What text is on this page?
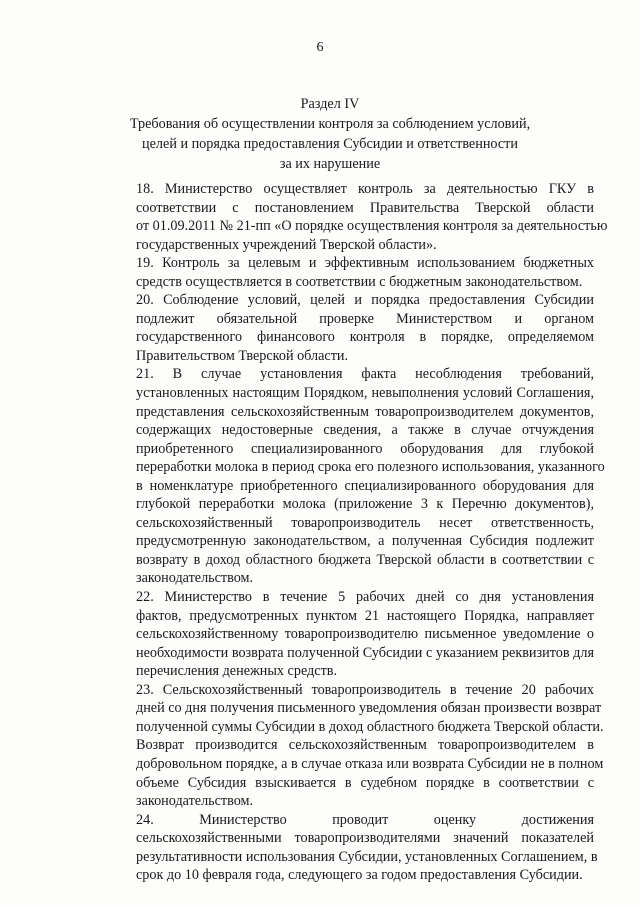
6
Раздел IV
Требования об осуществлении контроля за соблюдением условий,
целей и порядка предоставления Субсидии и ответственности
за их нарушение
18. Министерство осуществляет контроль за деятельностью ГКУ в
соответствии с постановлением Правительства Тверской области
от 01.09.2011 № 21-пп «О порядке осуществления контроля за деятельностью
государственных учреждений Тверской области».
19. Контроль за целевым и эффективным использованием бюджетных
средств осуществляется в соответствии с бюджетным законодательством.
20. Соблюдение условий, целей и порядка предоставления Субсидии
подлежит обязательной проверке Министерством и органом
государственного финансового контроля в порядке, определяемом
Правительством Тверской области.
21. В случае установления факта несоблюдения требований,
установленных настоящим Порядком, невыполнения условий Соглашения,
представления сельскохозяйственным товаропроизводителем документов,
содержащих недостоверные сведения, а также в случае отчуждения
приобретенного специализированного оборудования для глубокой
переработки молока в период срока его полезного использования, указанного
в номенклатуре приобретенного специализированного оборудования для
глубокой переработки молока (приложение 3 к Перечню документов),
сельскохозяйственный товаропроизводитель несет ответственность,
предусмотренную законодательством, а полученная Субсидия подлежит
возврату в доход областного бюджета Тверской области в соответствии с
законодательством.
22. Министерство в течение 5 рабочих дней со дня установления
фактов, предусмотренных пунктом 21 настоящего Порядка, направляет
сельскохозяйственному товаропроизводителю письменное уведомление о
необходимости возврата полученной Субсидии с указанием реквизитов для
перечисления денежных средств.
23. Сельскохозяйственный товаропроизводитель в течение 20 рабочих
дней со дня получения письменного уведомления обязан произвести возврат
полученной суммы Субсидии в доход областного бюджета Тверской области.
Возврат производится сельскохозяйственным товаропроизводителем в
добровольном порядке, а в случае отказа или возврата Субсидии не в полном
объеме Субсидия взыскивается в судебном порядке в соответствии с
законодательством.
24. Министерство проводит оценку достижения
сельскохозяйственными товаропроизводителями значений показателей
результативности использования Субсидии, установленных Соглашением, в
срок до 10 февраля года, следующего за годом предоставления Субсидии.
